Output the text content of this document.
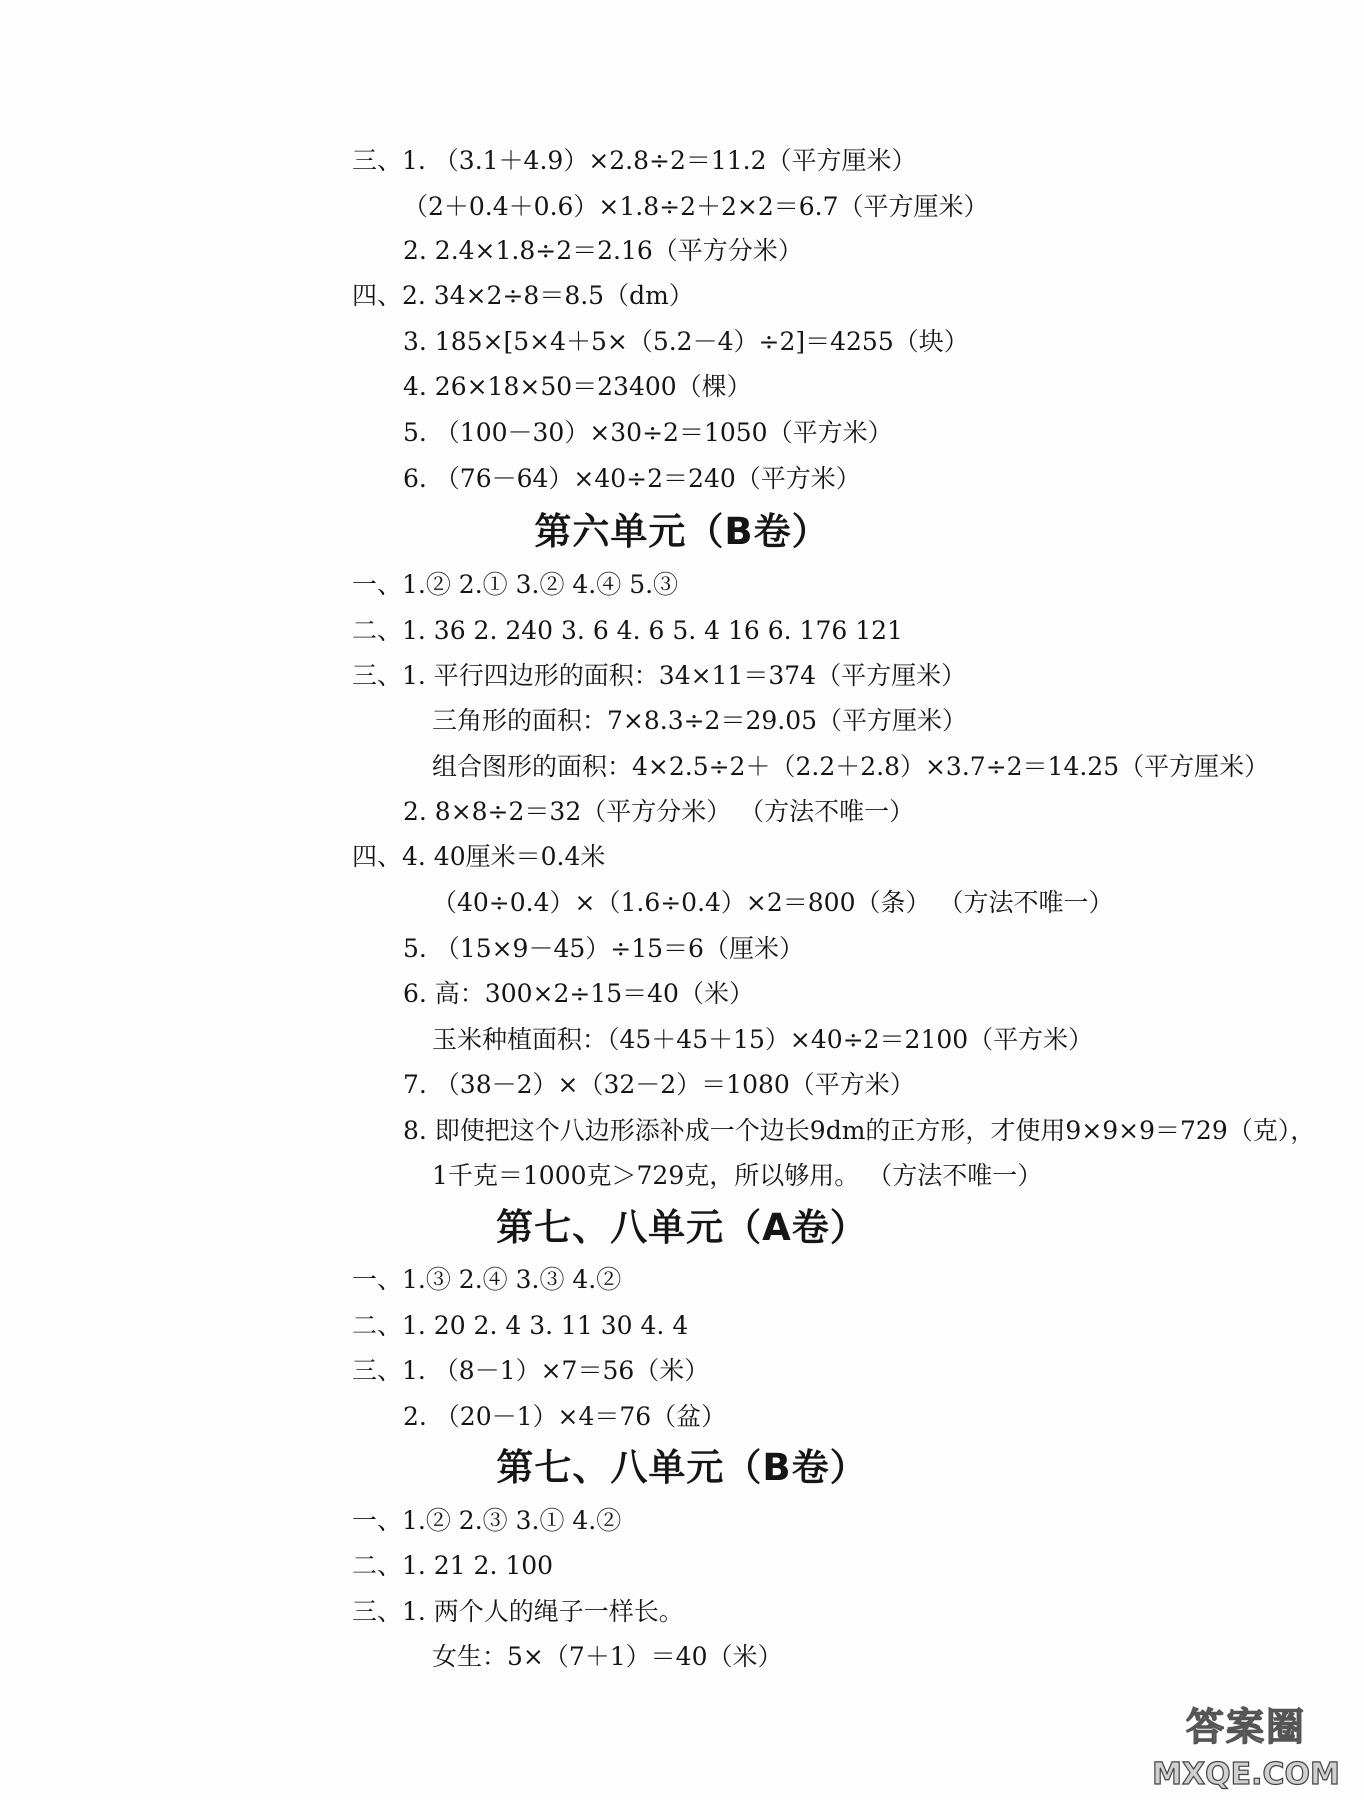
三、1. （3.1＋4.9）×2.8÷2＝11.2（平方厘米）
（2＋0.4＋0.6）×1.8÷2＋2×2＝6.7（平方厘米）
2. 2.4×1.8÷2＝2.16（平方分米）
四、2. 34×2÷8＝8.5（dm）
3. 185×[5×4＋5×（5.2－4）÷2]＝4255（块）
4. 26×18×50＝23400（棵）
5. （100－30）×30÷2＝1050（平方米）
6. （76－64）×40÷2＝240（平方米）
第六单元（B卷）
一、1.② 2.① 3.② 4.④ 5.③
二、1. 36 2. 240 3. 6 4. 6 5. 4 16 6. 176 121
三、1. 平行四边形的面积：34×11＝374（平方厘米）
三角形的面积：7×8.3÷2＝29.05（平方厘米）
组合图形的面积：4×2.5÷2＋（2.2＋2.8）×3.7÷2＝14.25（平方厘米）
2. 8×8÷2＝32（平方分米） （方法不唯一）
四、4. 40厘米＝0.4米
（40÷0.4）×（1.6÷0.4）×2＝800（条） （方法不唯一）
5. （15×9－45）÷15＝6（厘米）
6. 高：300×2÷15＝40（米）
玉米种植面积：（45＋45＋15）×40÷2＝2100（平方米）
7. （38－2）×（32－2）＝1080（平方米）
8. 即使把这个八边形添补成一个边长9dm的正方形，才使用9×9×9＝729（克），
1千克＝1000克＞729克，所以够用。 （方法不唯一）
第七、八单元（A卷）
一、1.③ 2.④ 3.③ 4.②
二、1. 20 2. 4 3. 11 30 4. 4
三、1. （8－1）×7＝56（米）
2. （20－1）×4＝76（盆）
第七、八单元（B卷）
一、1.② 2.③ 3.① 4.②
二、1. 21 2. 100
三、1. 两个人的绳子一样长。
女生：5×（7＋1）＝40（米）
答案圈
MXQE.COM
